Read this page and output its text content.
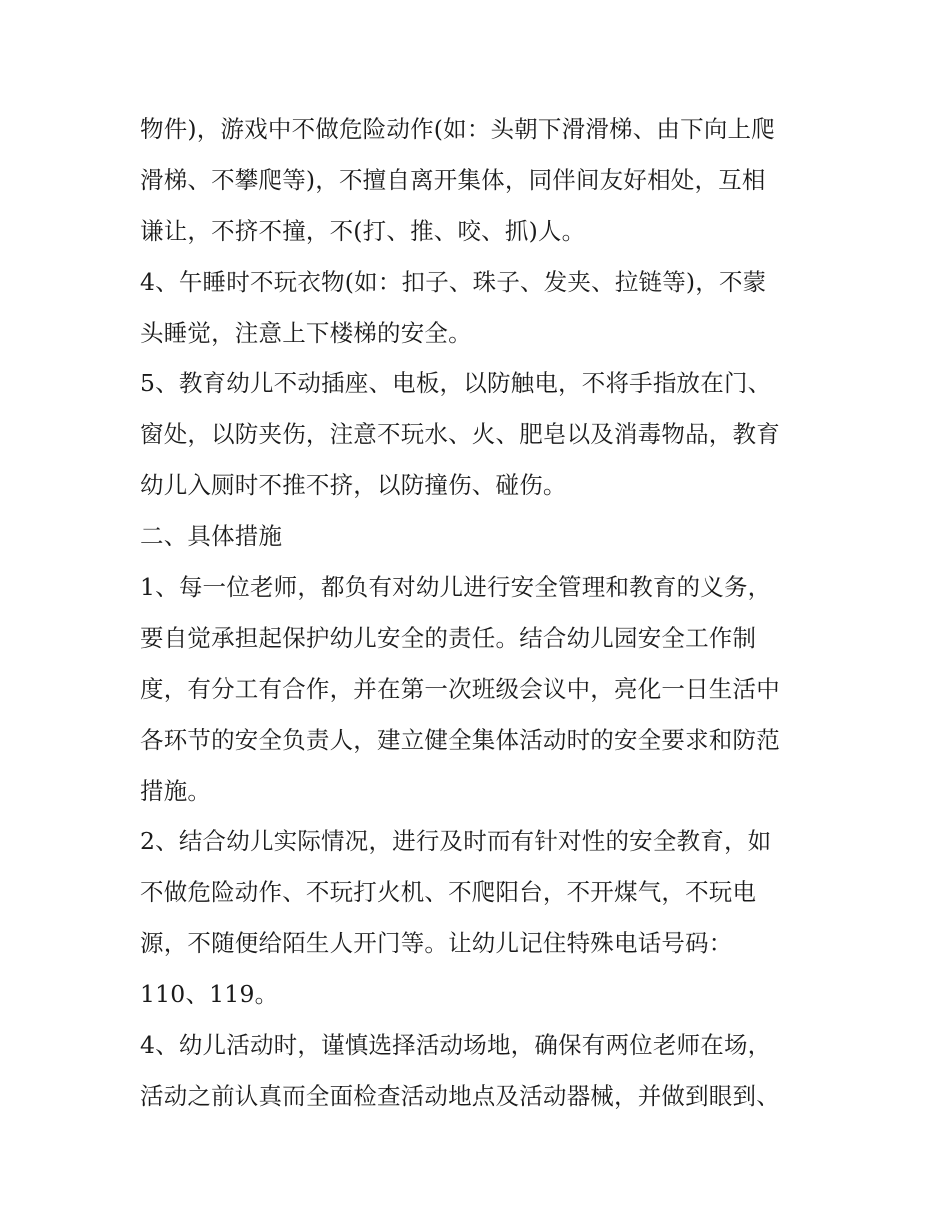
物件)，游戏中不做危险动作(如：头朝下滑滑梯、由下向上爬
滑梯、不攀爬等)，不擅自离开集体，同伴间友好相处，互相
谦让，不挤不撞，不(打、推、咬、抓)人。
4、午睡时不玩衣物(如：扣子、珠子、发夹、拉链等)，不蒙
头睡觉，注意上下楼梯的安全。
5、教育幼儿不动插座、电板，以防触电，不将手指放在门、
窗处，以防夹伤，注意不玩水、火、肥皂以及消毒物品，教育
幼儿入厕时不推不挤，以防撞伤、碰伤。
二、具体措施
1、每一位老师，都负有对幼儿进行安全管理和教育的义务，
要自觉承担起保护幼儿安全的责任。结合幼儿园安全工作制
度，有分工有合作，并在第一次班级会议中，亮化一日生活中
各环节的安全负责人，建立健全集体活动时的安全要求和防范
措施。
2、结合幼儿实际情况，进行及时而有针对性的安全教育，如
不做危险动作、不玩打火机、不爬阳台，不开煤气，不玩电
源，不随便给陌生人开门等。让幼儿记住特殊电话号码：
110、119。
4、幼儿活动时，谨慎选择活动场地，确保有两位老师在场，
活动之前认真而全面检查活动地点及活动器械，并做到眼到、
